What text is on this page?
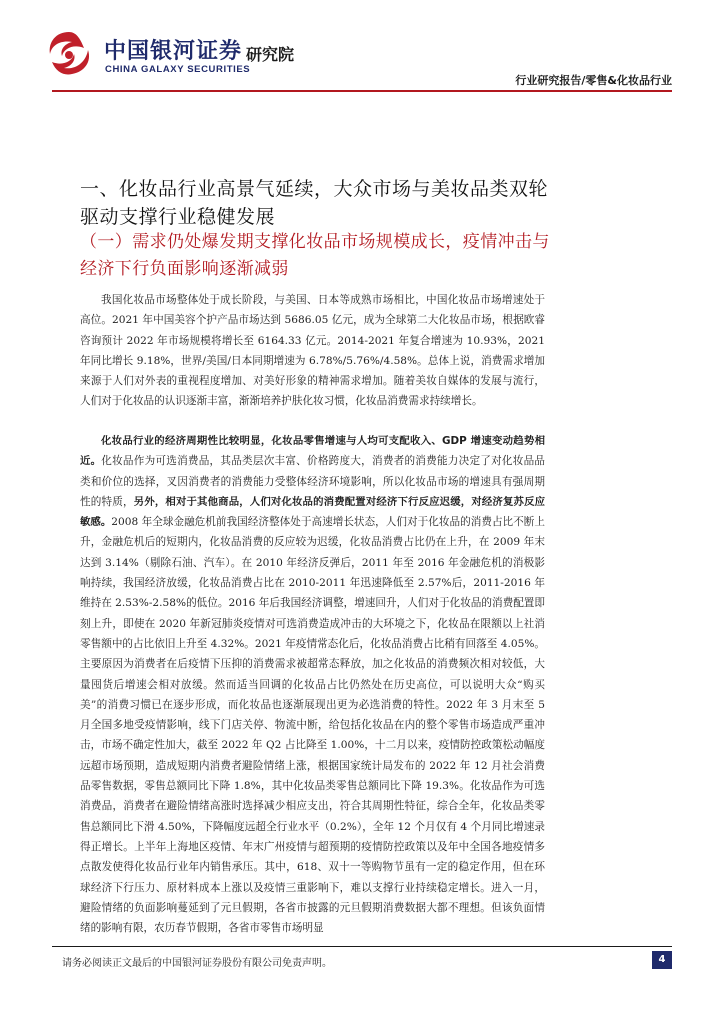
中国银河证券
CHINA GALAXY SECURITIES
研究院
行业研究报告/零售&化妆品行业
一、化妆品行业高景气延续，大众市场与美妆品类双轮驱动支撑行业稳健发展
（一）需求仍处爆发期支撑化妆品市场规模成长，疫情冲击与经济下行负面影响逐渐减弱

我国化妆品市场整体处于成长阶段，与美国、日本等成熟市场相比，中国化妆品市场增速处于高位。2021 年中国美容个护产品市场达到 5686.05 亿元，成为全球第二大化妆品市场，根据欧睿咨询预计 2022 年市场规模将增长至 6164.33 亿元。2014-2021 年复合增速为 10.93%，2021 年同比增长 9.18%，世界/美国/日本同期增速为 6.78%/5.76%/4.58%。总体上说，消费需求增加来源于人们对外表的重视程度增加、对美好形象的精神需求增加。随着美妆自媒体的发展与流行，人们对于化妆品的认识逐渐丰富，渐渐培养护肤化妆习惯，化妆品消费需求持续增长。

化妆品行业的经济周期性比较明显，化妆品零售增速与人均可支配收入、GDP 增速变动趋势相近。化妆品作为可选消费品，其品类层次丰富、价格跨度大，消费者的消费能力决定了对化妆品品类和价位的选择，叉因消费者的消费能力受整体经济环境影响，所以化妆品市场的增速具有强周期性的特质，另外，相对于其他商品，人们对化妆品的消费配置对经济下行反应迟缓，对经济复苏反应敏感。2008 年全球金融危机前我国经济整体处于高速增长状态，人们对于化妆品的消费占比不断上升，金融危机后的短期内，化妆品消费的反应较为迟缓，化妆品消费占比仍在上升，在 2009 年末达到 3.14%（剔除石油、汽车）。在 2010 年经济反弹后，2011 年至 2016 年金融危机的消极影响持续，我国经济放缓，化妆品消费占比在 2010-2011 年迅速降低至 2.57%后，2011-2016 年维持在 2.53%-2.58%的低位。2016 年后我国经济调整，增速回升，人们对于化妆品的消费配置即刻上升，即使在 2020 年新冠肺炎疫情对可选消费造成冲击的大环境之下，化妆品在限额以上社消零售额中的占比依旧上升至 4.32%。2021 年疫情常态化后，化妆品消费占比稍有回落至 4.05%。主要原因为消费者在后疫情下压抑的消费需求被超常态释放，加之化妆品的消费频次相对较低，大量囤货后增速会相对放缓。然而适当回调的化妆品占比仍然处在历史高位，可以说明大众“购买美”的消费习惯已在逐步形成，而化妆品也逐渐展现出更为必选消费的特性。2022 年 3 月末至 5 月全国多地受疫情影响，线下门店关停、物流中断，给包括化妆品在内的整个零售市场造成严重冲击，市场不确定性加大，截至 2022 年 Q2 占比降至 1.00%，十二月以来，疫情防控政策松动幅度远超市场预期，造成短期内消费者避险情绪上涨，根据国家统计局发布的 2022 年 12 月社会消费品零售数据，零售总额同比下降 1.8%，其中化妆品类零售总额同比下降 19.3%。化妆品作为可选消费品，消费者在避险情绪高涨时选择减少相应支出，符合其周期性特征，综合全年，化妆品类零售总额同比下滑 4.50%，下降幅度远超全行业水平（0.2%），全年 12 个月仅有 4 个月同比增速录得正增长。上半年上海地区疫情、年末广州疫情与超预期的疫情防控政策以及年中全国各地疫情多点散发使得化妆品行业年内销售承压。其中，618、双十一等购物节虽有一定的稳定作用，但在环球经济下行压力、原材料成本上涨以及疫情三重影响下，难以支撑行业持续稳定增长。进入一月，避险情绪的负面影响蔓延到了元旦假期，各省市披露的元旦假期消费数据大都不理想。但该负面情绪的影响有限，农历春节假期，各省市零售市场明显

请务必阅读正文最后的中国银河证券股份有限公司免责声明。	4
